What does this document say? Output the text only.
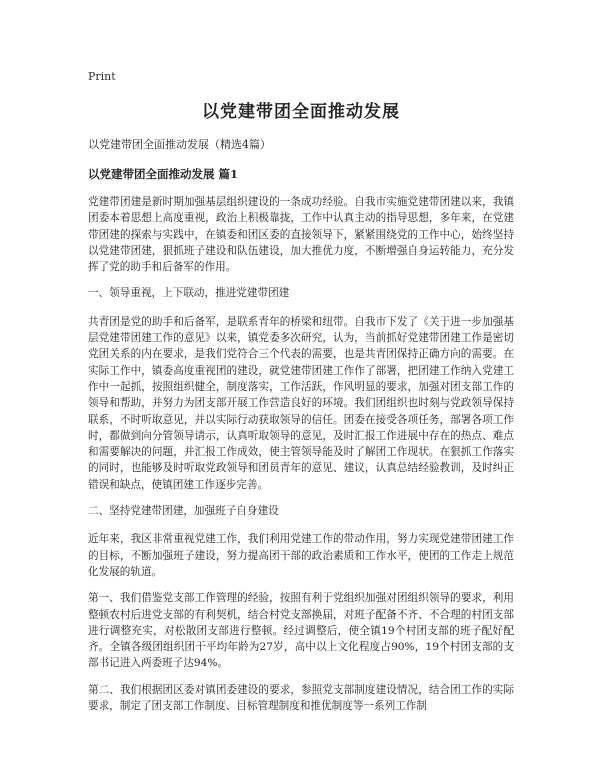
Print
以党建带团全面推动发展
以党建带团全面推动发展（精选4篇）
以党建带团全面推动发展 篇1

党建带团建是新时期加强基层组织建设的一条成功经验。自我市实施党建带团建以来，我镇团委本着思想上高度重视，政治上积极靠拢，工作中认真主动的指导思想，多年来，在党建带团建的探索与实践中，在镇委和团区委的直接领导下，紧紧围绕党的工作中心，始终坚持以党建带团建，狠抓班子建设和队伍建设，加大推优力度，不断增强自身运转能力，充分发挥了党的助手和后备军的作用。

一、领导重视，上下联动，推进党建带团建

共青团是党的助手和后备军，是联系青年的桥梁和纽带。自我市下发了《关于进一步加强基层党建带团建工作的意见》以来，镇党委多次研究，认为，当前抓好党建带团建工作是密切党团关系的内在要求，是我们党符合三个代表的需要，也是共青团保持正确方向的需要。在实际工作中，镇委高度重视团的建设，就党建带团建工作作了部署，把团建工作纳入党建工作中一起抓，按照组织健全，制度落实，工作活跃，作风明显的要求，加强对团支部工作的领导和帮助，并努力为团支部开展工作营造良好的环境。我们团组织也时刻与党政领导保持联系，不时听取意见，并以实际行动获取领导的信任。团委在接受各项任务，部署各项工作时，都做到向分管领导请示，认真听取领导的意见，及时汇报工作进展中存在的热点、难点和需要解决的问题，并汇报工作成效，使主管领导能及时了解团工作现状。在狠抓工作落实的同时，也能够及时听取党政领导和团员青年的意见、建议，认真总结经验教训，及时纠正错误和缺点，使镇团建工作逐步完善。

二、坚持党建带团建，加强班子自身建设

近年来，我区非常重视党建工作，我们利用党建工作的带动作用，努力实现党建带团建工作的目标，不断加强班子建设，努力提高团干部的政治素质和工作水平，使团的工作走上规范化发展的轨道。

第一、我们借鉴党支部工作管理的经验，按照有利于党组织加强对团组织领导的要求，利用整顿农村后进党支部的有利契机，结合村党支部换届，对班子配备不齐、不合理的村团支部进行调整充实，对松散团支部进行整顿。经过调整后，使全镇19个村团支部的班子配好配齐。全镇各级团组织团干平均年龄为27岁，高中以上文化程度占90%，19个村团支部的支部书记进入两委班子达94%。

第二、我们根据团区委对镇团委建设的要求，参照党支部制度建设情况，结合团工作的实际要求，制定了团支部工作制度、目标管理制度和推优制度等一系列工作制
